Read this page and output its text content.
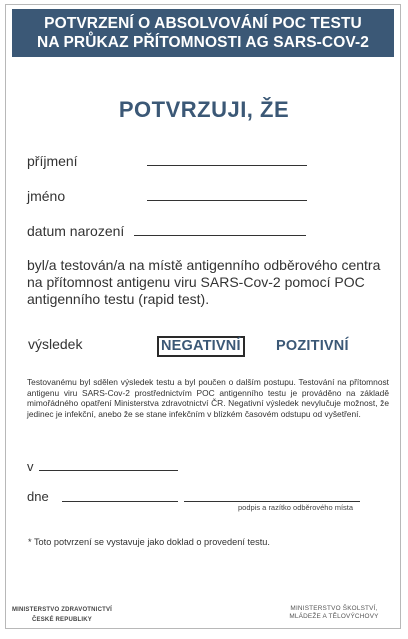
POTVRZENÍ O ABSOLVOVÁNÍ POC TESTU
NA PRŮKAZ PŘÍTOMNOSTI AG SARS-COV-2
POTVRZUJI, ŽE
příjmení
jméno
datum narození
byl/a testován/a na místě antigenního odběrového centra na přítomnost antigenu viru SARS-Cov-2 pomocí POC antigenního testu (rapid test).
výsledek	NEGATIVNÍ POZITIVNÍ
Testovanému byl sdělen výsledek testu a byl poučen o dalším postupu. Testování na přítomnost antigenu viru SARS-Cov-2 prostřednictvím POC antigenního testu je prováděno na základě mimořádného opatření Ministerstva zdravotnictví ČR. Negativní výsledek nevylučuje možnost, že jedinec je infekční, anebo že se stane infekčním v blízkém časovém odstupu od vyšetření.
v
dne
podpis a razítko odběrového místa
* Toto potvrzení se vystavuje jako doklad o provedení testu.
MINISTERSTVO ZDRAVOTNICTVÍ
ČESKÉ REPUBLIKY
MINISTERSTVO ŠKOLSTVÍ,
MLÁDEŽE A TĚLOVÝCHOVY
